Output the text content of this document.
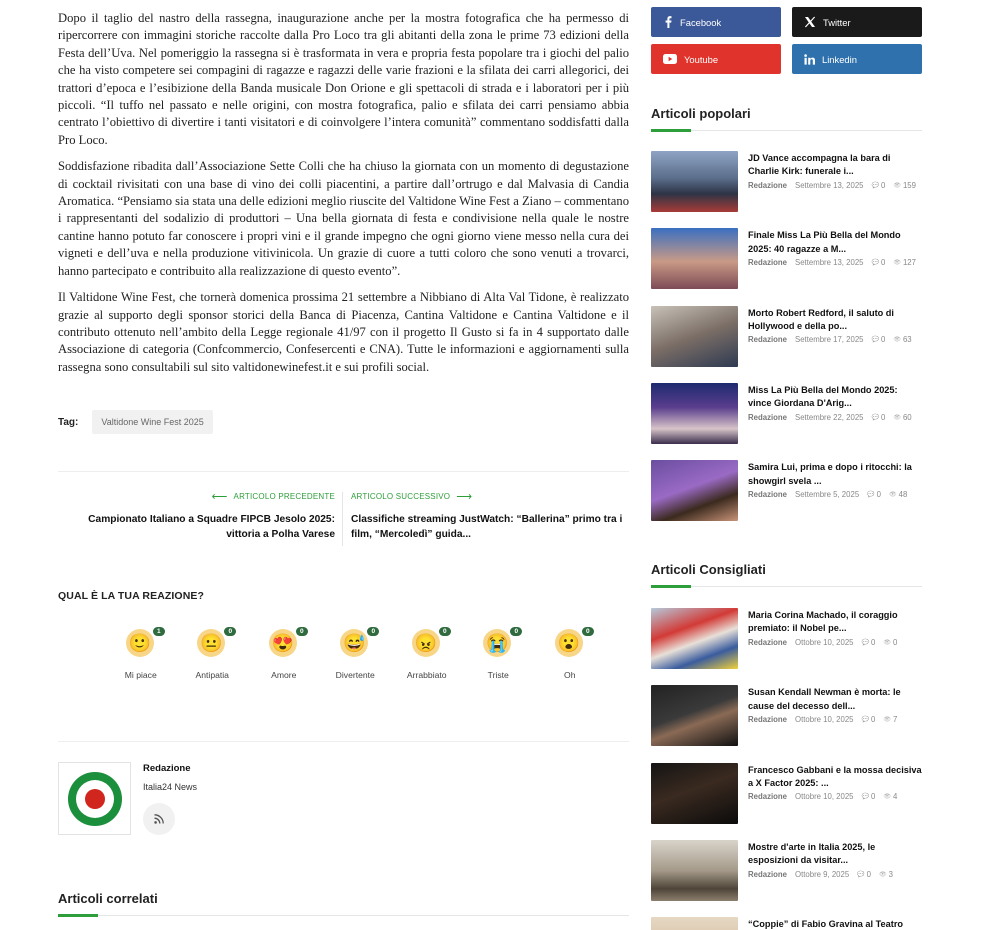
Dopo il taglio del nastro della rassegna, inaugurazione anche per la mostra fotografica che ha permesso di ripercorrere con immagini storiche raccolte dalla Pro Loco tra gli abitanti della zona le prime 73 edizioni della Festa dell’Uva. Nel pomeriggio la rassegna si è trasformata in vera e propria festa popolare tra i giochi del palio che ha visto competere sei compagini di ragazze e ragazzi delle varie frazioni e la sfilata dei carri allegorici, dei trattori d’epoca e l’esibizione della Banda musicale Don Orione e gli spettacoli di strada e i laboratori per i più piccoli. “Il tuffo nel passato e nelle origini, con mostra fotografica, palio e sfilata dei carri pensiamo abbia centrato l’obiettivo di divertire i tanti visitatori e di coinvolgere l’intera comunità” commentano soddisfatti dalla Pro Loco.

Soddisfazione ribadita dall’Associazione Sette Colli che ha chiuso la giornata con un momento di degustazione di cocktail rivisitati con una base di vino dei colli piacentini, a partire dall’ortrugo e dal Malvasia di Candia Aromatica. “Pensiamo sia stata una delle edizioni meglio riuscite del Valtidone Wine Fest a Ziano – commentano i rappresentanti del sodalizio di produttori – Una bella giornata di festa e condivisione nella quale le nostre cantine hanno potuto far conoscere i propri vini e il grande impegno che ogni giorno viene messo nella cura dei vigneti e dell’uva e nella produzione vitivinicola. Un grazie di cuore a tutti coloro che sono venuti a trovarci, hanno partecipato e contribuito alla realizzazione di questo evento”.

Il Valtidone Wine Fest, che tornerà domenica prossima 21 settembre a Nibbiano di Alta Val Tidone, è realizzato grazie al supporto degli sponsor storici della Banca di Piacenza, Cantina Valtidone e Cantina Valtidone e il contributo ottenuto nell’ambito della Legge regionale 41/97 con il progetto Il Gusto si fa in 4 supportato dalle Associazione di categoria (Confcommercio, Confesercenti e CNA). Tutte le informazioni e aggiornamenti sulla rassegna sono consultabili sul sito valtidonewinefest.it e sui profili social.

Tag:	Valtidone Wine Fest 2025
⟵ ARTICOLO PRECEDENTE
Campionato Italiano a Squadre FIPCB Jesolo 2025: vittoria a Polha Varese
ARTICOLO SUCCESSIVO ⟶
Classifiche streaming JustWatch: “Ballerina” primo tra i film, “Mercoledì” guida...
QUAL È LA TUA REAZIONE?
🙂
1
Mi piace
😐
0
Antipatia
😍
0
Amore
😅
0
Divertente
😠
0
Arrabbiato
😭
0
Triste
😮
0
Oh
Redazione
Italia24 News
Articoli correlati
Facebook	Twitter
Youtube	Linkedin
Articoli popolari
JD Vance accompagna la bara di Charlie Kirk: funerale i...
Redazione Settembre 13, 2025 💬 0 👁 159
Finale Miss La Più Bella del Mondo 2025: 40 ragazze a M...
Redazione Settembre 13, 2025 💬 0 👁 127
Morto Robert Redford, il saluto di Hollywood e della po...
Redazione Settembre 17, 2025 💬 0 👁 63
Miss La Più Bella del Mondo 2025: vince Giordana D'Arig...
Redazione Settembre 22, 2025 💬 0 👁 60
Samira Lui, prima e dopo i ritocchi: la showgirl svela ...
Redazione Settembre 5, 2025 💬 0 👁 48
Articoli Consigliati
Maria Corina Machado, il coraggio premiato: il Nobel pe...
Redazione Ottobre 10, 2025 💬 0 👁 0
Susan Kendall Newman è morta: le cause del decesso dell...
Redazione Ottobre 10, 2025 💬 0 👁 7
Francesco Gabbani e la mossa decisiva a X Factor 2025: ...
Redazione Ottobre 10, 2025 💬 0 👁 4
Mostre d'arte in Italia 2025, le esposizioni da visitar...
Redazione Ottobre 9, 2025 💬 0 👁 3
“Coppie” di Fabio Gravina al Teatro
